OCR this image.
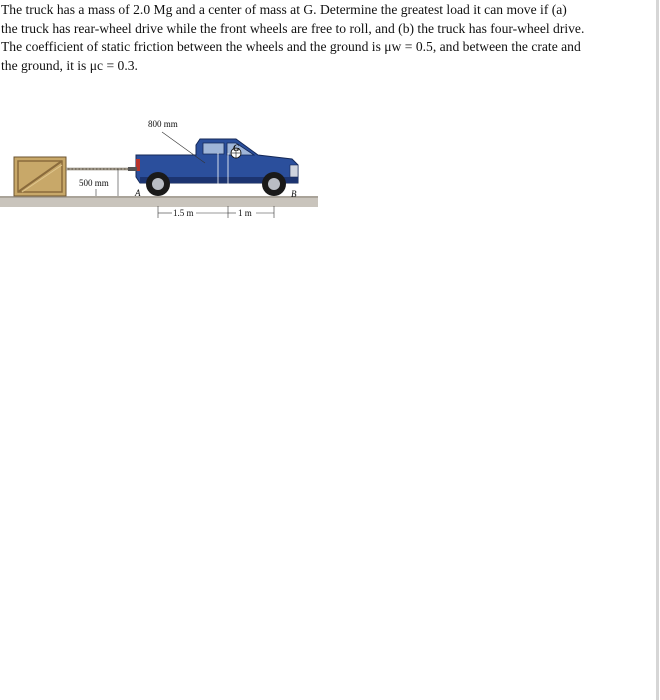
The truck has a mass of 2.0 Mg and a center of mass at G. Determine the greatest load it can move if (a)
the truck has rear-wheel drive while the front wheels are free to roll, and (b) the truck has four-wheel drive.
The coefficient of static friction between the wheels and the ground is μw = 0.5, and between the crate and
the ground, it is μc = 0.3.
500 mm
G
800 mm
A	B
1.5 m	1 m
